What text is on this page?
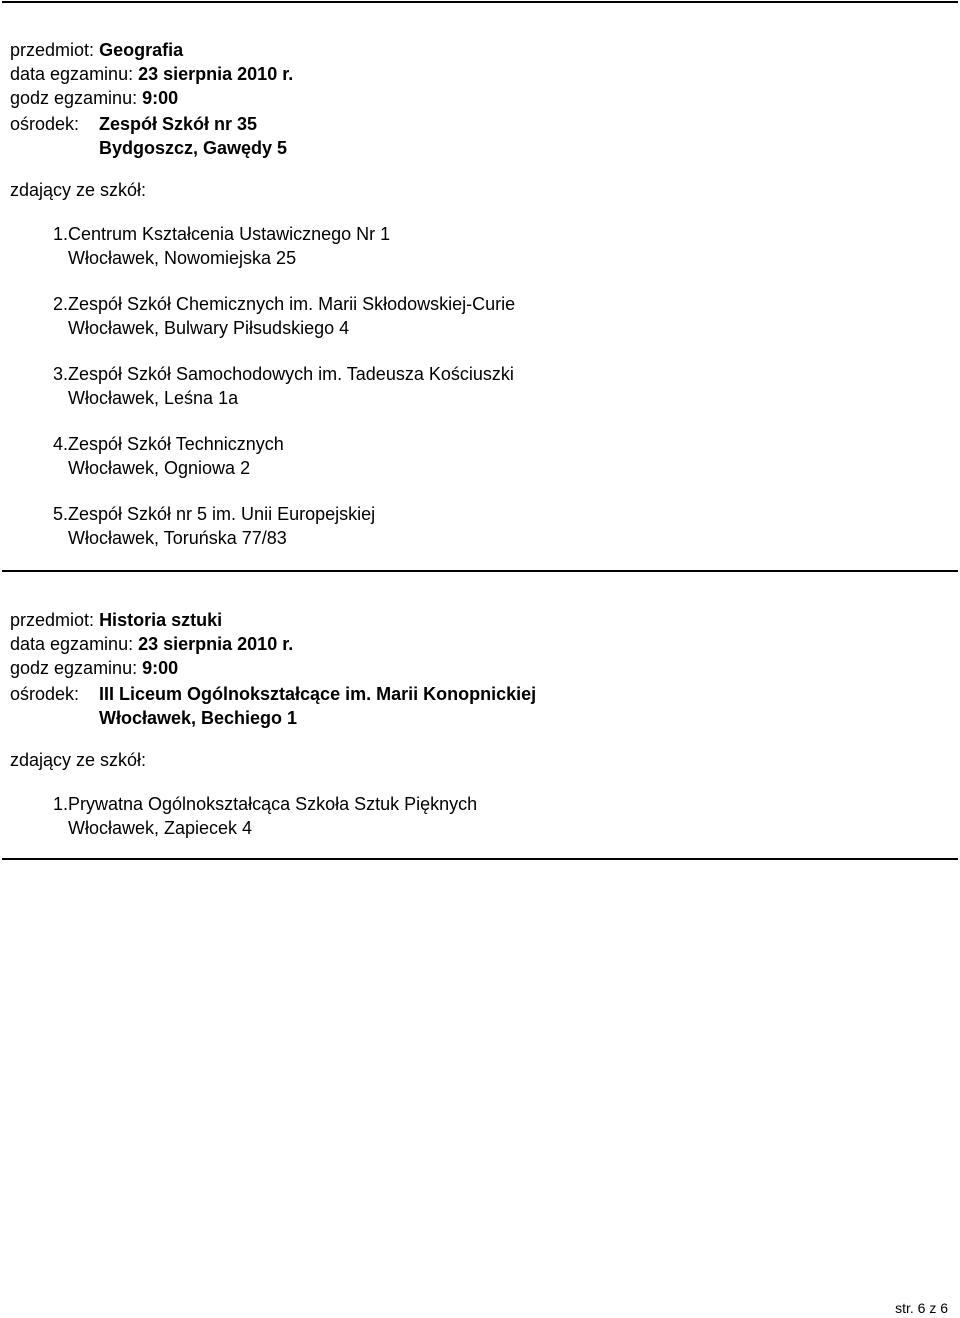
przedmiot: Geografia
data egzaminu: 23 sierpnia 2010 r.
godz egzaminu: 9:00
ośrodek:	Zespół Szkół nr 35
Bydgoszcz, Gawędy 5
zdający ze szkół:
1. Centrum Kształcenia Ustawicznego Nr 1
Włocławek, Nowomiejska 25
2. Zespół Szkół Chemicznych im. Marii Skłodowskiej-Curie
Włocławek, Bulwary Piłsudskiego 4
3. Zespół Szkół Samochodowych im. Tadeusza Kościuszki
Włocławek, Leśna 1a
4. Zespół Szkół Technicznych
Włocławek, Ogniowa 2
5. Zespół Szkół nr 5 im. Unii Europejskiej
Włocławek, Toruńska 77/83
przedmiot: Historia sztuki
data egzaminu: 23 sierpnia 2010 r.
godz egzaminu: 9:00
ośrodek:	III Liceum Ogólnokształcące im. Marii Konopnickiej
Włocławek, Bechiego 1
zdający ze szkół:
1. Prywatna Ogólnokształcąca Szkoła Sztuk Pięknych
Włocławek, Zapiecek 4
str. 6 z 6
